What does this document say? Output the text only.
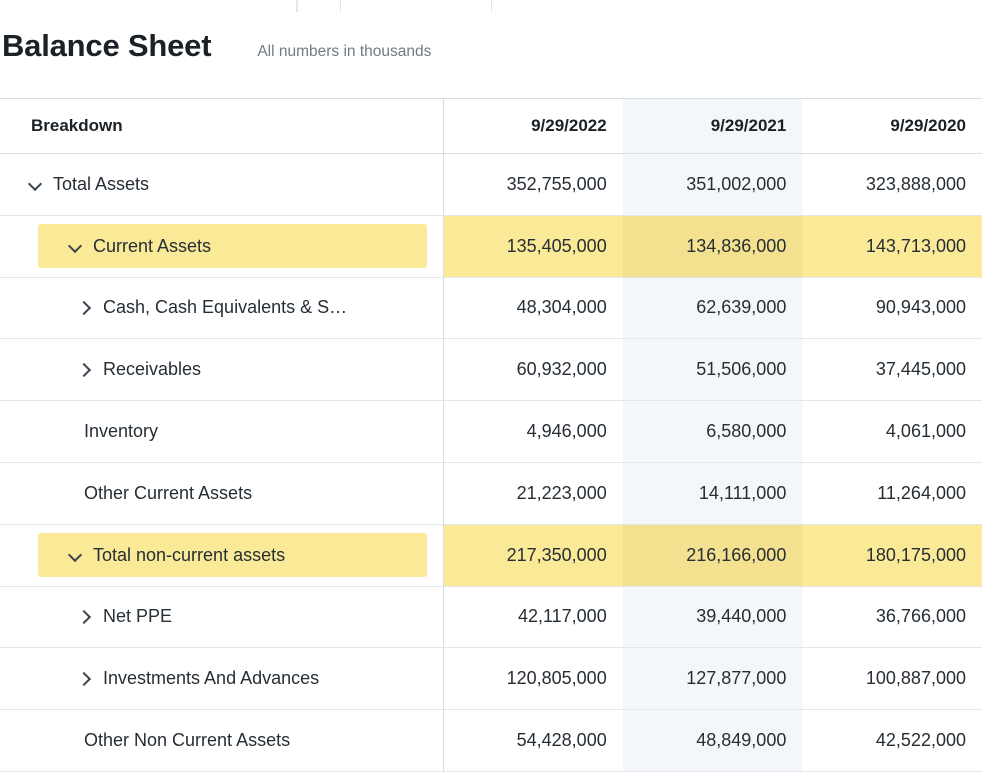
Balance Sheet	All numbers in thousands
Breakdown	9/29/2022	9/29/2021	9/29/2020

Total Assets	352,755,000	351,002,000	323,888,000

Current Assets	135,405,000	134,836,000	143,713,000

Cash, Cash Equivalents & S…	48,304,000	62,639,000	90,943,000

Receivables	60,932,000	51,506,000	37,445,000

Inventory	4,946,000	6,580,000	4,061,000

Other Current Assets	21,223,000	14,111,000	11,264,000

Total non-current assets	217,350,000	216,166,000	180,175,000

Net PPE	42,117,000	39,440,000	36,766,000

Investments And Advances	120,805,000	127,877,000	100,887,000

Other Non Current Assets	54,428,000	48,849,000	42,522,000
